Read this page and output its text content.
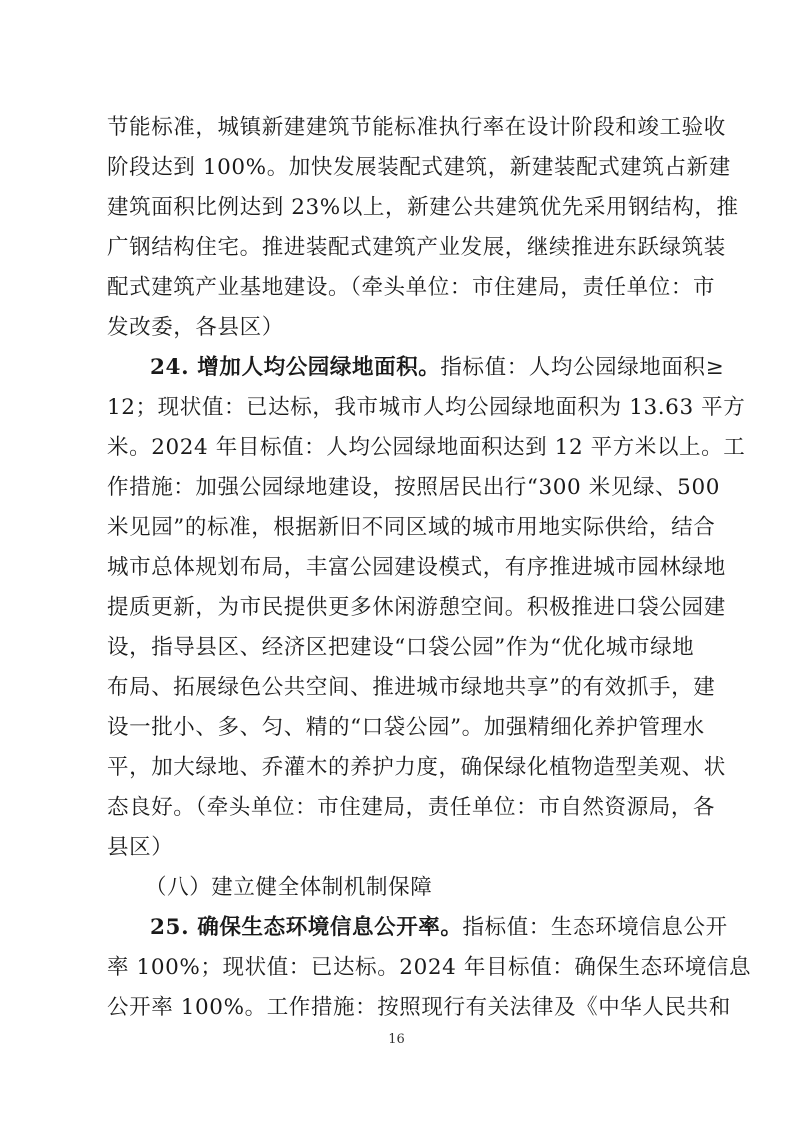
节能标准，城镇新建建筑节能标准执行率在设计阶段和竣工验收
阶段达到 100%。加快发展装配式建筑，新建装配式建筑占新建
建筑面积比例达到 23%以上，新建公共建筑优先采用钢结构，推
广钢结构住宅。推进装配式建筑产业发展，继续推进东跃绿筑装
配式建筑产业基地建设。（牵头单位：市住建局，责任单位：市
发改委，各县区）
24. 增加人均公园绿地面积。指标值：人均公园绿地面积≥
12；现状值：已达标，我市城市人均公园绿地面积为 13.63 平方
米。2024 年目标值：人均公园绿地面积达到 12 平方米以上。工
作措施：加强公园绿地建设，按照居民出行“300 米见绿、500
米见园”的标准，根据新旧不同区域的城市用地实际供给，结合
城市总体规划布局，丰富公园建设模式，有序推进城市园林绿地
提质更新，为市民提供更多休闲游憩空间。积极推进口袋公园建
设，指导县区、经济区把建设“口袋公园”作为“优化城市绿地
布局、拓展绿色公共空间、推进城市绿地共享”的有效抓手，建
设一批小、多、匀、精的“口袋公园”。加强精细化养护管理水
平，加大绿地、乔灌木的养护力度，确保绿化植物造型美观、状
态良好。（牵头单位：市住建局，责任单位：市自然资源局，各
县区）
（八）建立健全体制机制保障
25. 确保生态环境信息公开率。指标值：生态环境信息公开
率 100%；现状值：已达标。2024 年目标值：确保生态环境信息
公开率 100%。工作措施：按照现行有关法律及《中华人民共和
16
